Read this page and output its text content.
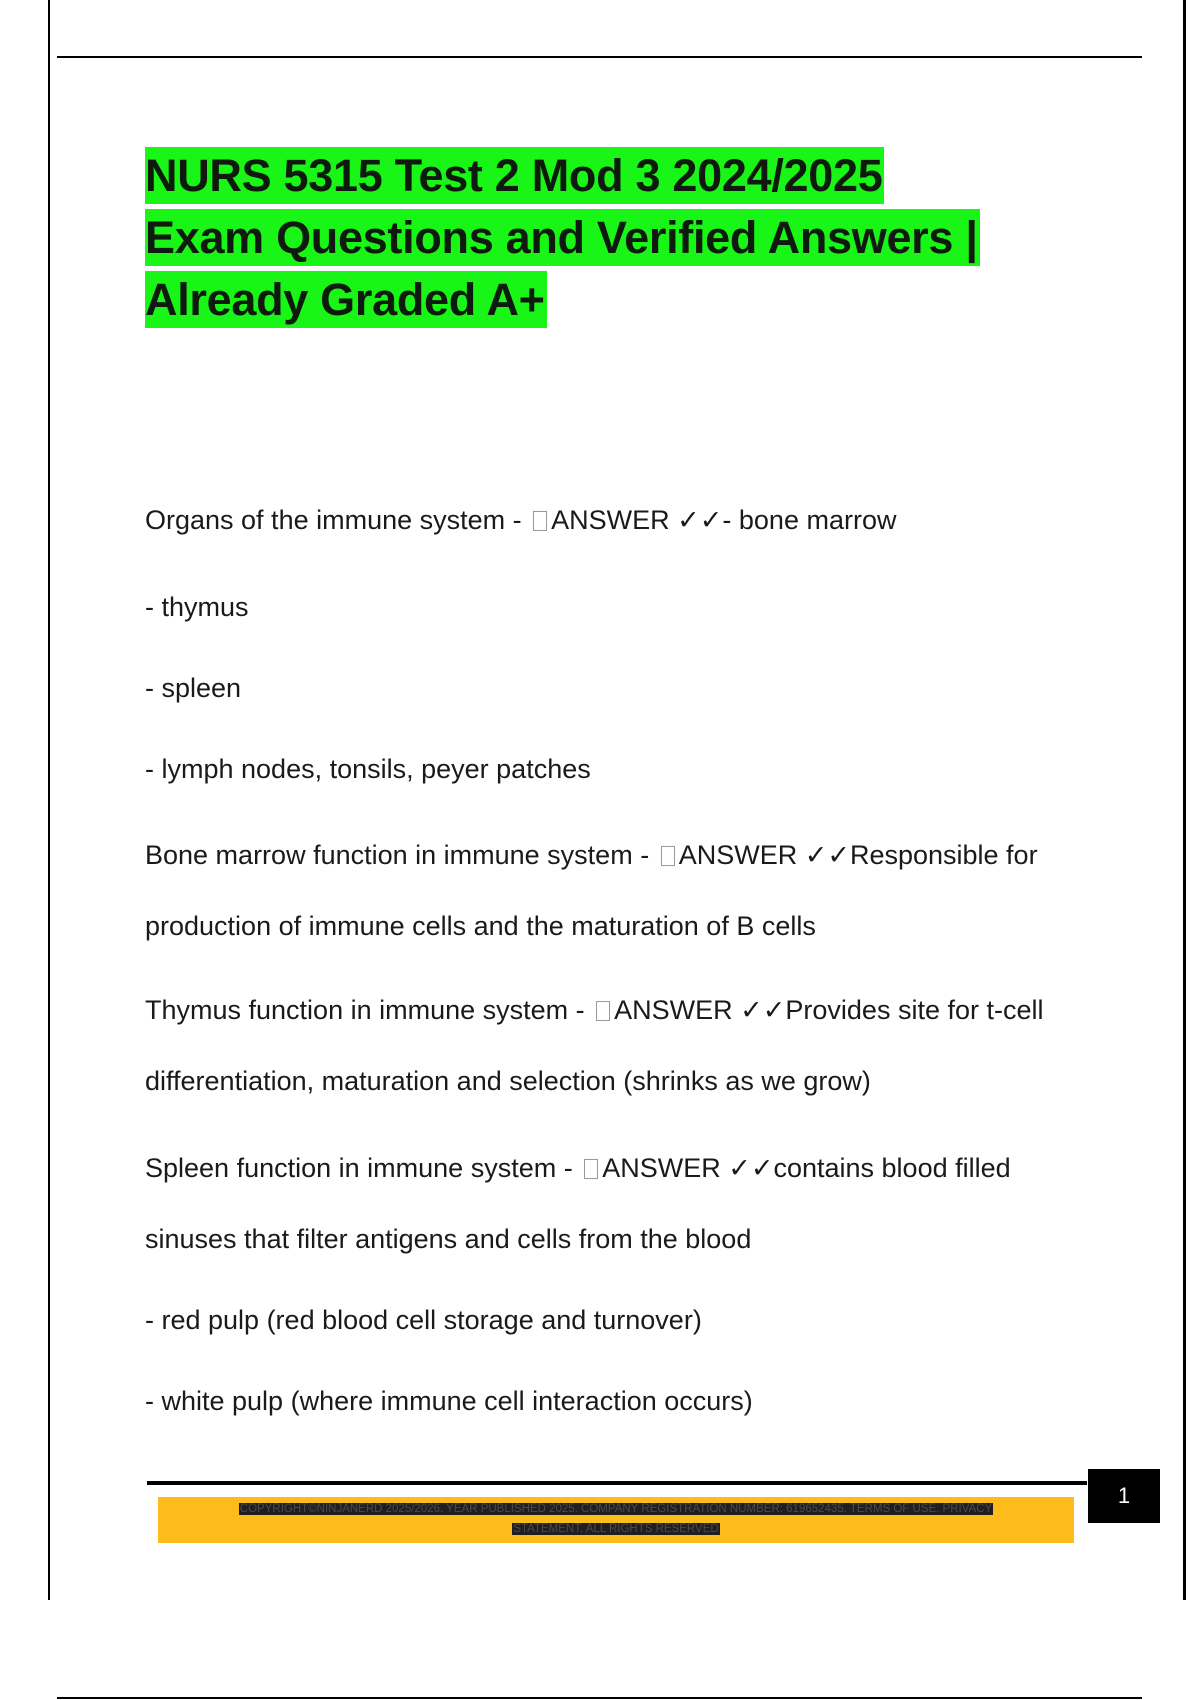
NURS 5315 Test 2 Mod 3 2024/2025
Exam Questions and Verified Answers |
Already Graded A+
Organs of the immune system - ANSWER ✓✓- bone marrow
- thymus
- spleen
- lymph nodes, tonsils, peyer patches
Bone marrow function in immune system - ANSWER ✓✓Responsible for
production of immune cells and the maturation of B cells
Thymus function in immune system - ANSWER ✓✓Provides site for t-cell
differentiation, maturation and selection (shrinks as we grow)
Spleen function in immune system - ANSWER ✓✓contains blood filled
sinuses that filter antigens and cells from the blood
- red pulp (red blood cell storage and turnover)
- white pulp (where immune cell interaction occurs)
1
COPYRIGHT©NINJANERD 2025/2026. YEAR PUBLISHED 2025. COMPANY REGISTRATION NUMBER: 619652435. TERMS OF USE. PRIVACY
STATEMENT. ALL RIGHTS RESERVED
